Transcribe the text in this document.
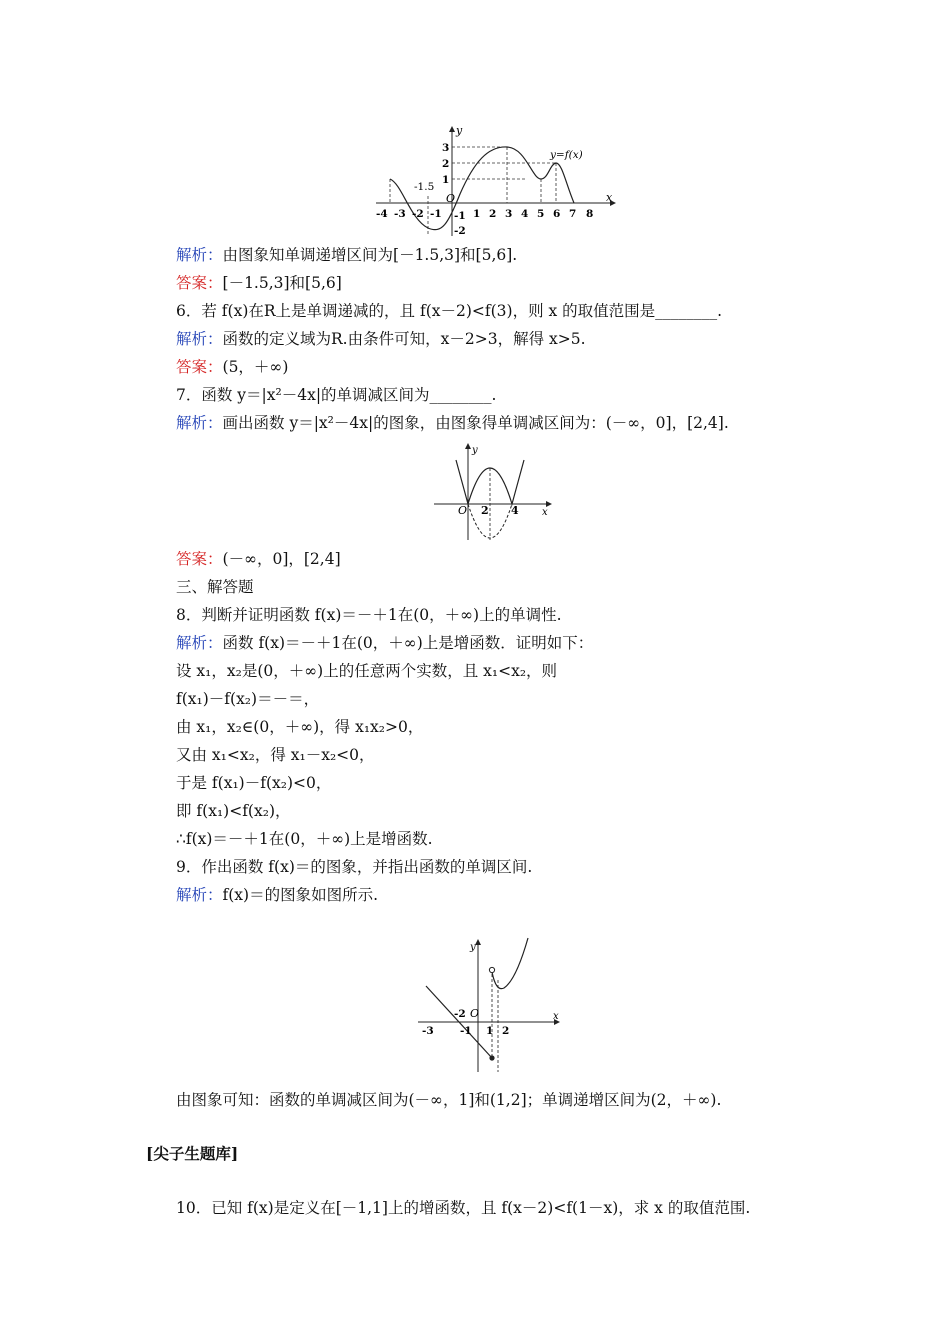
y
x
y=f(x)
O
-1.5
-4 -3 -2 -1	1 2 3 4 5 6 7 8
3
2
1
-1
-2
解析：由图象知单调递增区间为[－1.5,3]和[5,6].
答案：[－1.5,3]和[5,6]
6．若 f(x)在R上是单调递减的，且 f(x－2)<f(3)，则 x 的取值范围是________.
解析：函数的定义域为R.由条件可知，x－2>3，解得 x>5.
答案：(5，＋∞)
7．函数 y＝|x²－4x|的单调减区间为________.
解析：画出函数 y＝|x²－4x|的图象，由图象得单调减区间为：(－∞，0]，[2,4].
y
x
O 2 4
答案：(－∞，0]，[2,4]
三、解答题
8．判断并证明函数 f(x)＝－＋1在(0，＋∞)上的单调性.
解析：函数 f(x)＝－＋1在(0，＋∞)上是增函数．证明如下：
设 x₁，x₂是(0，＋∞)上的任意两个实数，且 x₁<x₂，则
f(x₁)－f(x₂)＝－＝，
由 x₁，x₂∈(0，＋∞)，得 x₁x₂>0，
又由 x₁<x₂，得 x₁－x₂<0，
于是 f(x₁)－f(x₂)<0，
即 f(x₁)<f(x₂)，
∴f(x)＝－＋1在(0，＋∞)上是增函数.
9．作出函数 f(x)＝的图象，并指出函数的单调区间.
解析：f(x)＝的图象如图所示.
y
x
O
-3
-2
-1 1 2
由图象可知：函数的单调减区间为(－∞，1]和(1,2]；单调递增区间为(2，＋∞).
[尖子生题库]
10．已知 f(x)是定义在[－1,1]上的增函数，且 f(x－2)<f(1－x)，求 x 的取值范围.
